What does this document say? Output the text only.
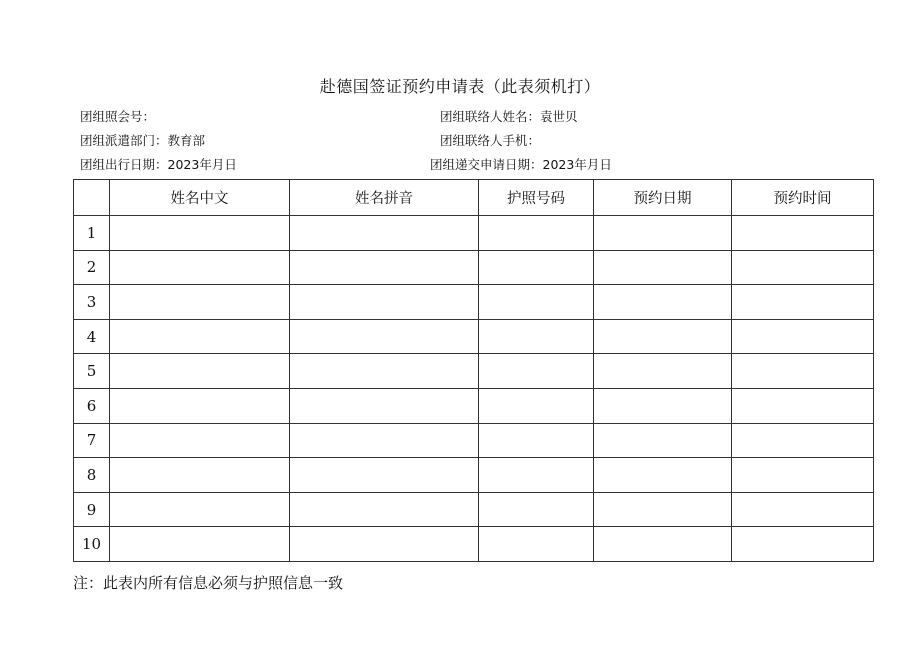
赴德国签证预约申请表（此表须机打）
团组照会号：	团组联络人姓名：袁世贝
团组派遣部门：教育部	团组联络人手机：
团组出行日期：2023年月日	团组递交申请日期：2023年月日
	姓名中文	姓名拼音	护照号码	预约日期	预约时间
1					
2					
3					
4					
5					
6					
7					
8					
9					
10					
注：此表内所有信息必须与护照信息一致
